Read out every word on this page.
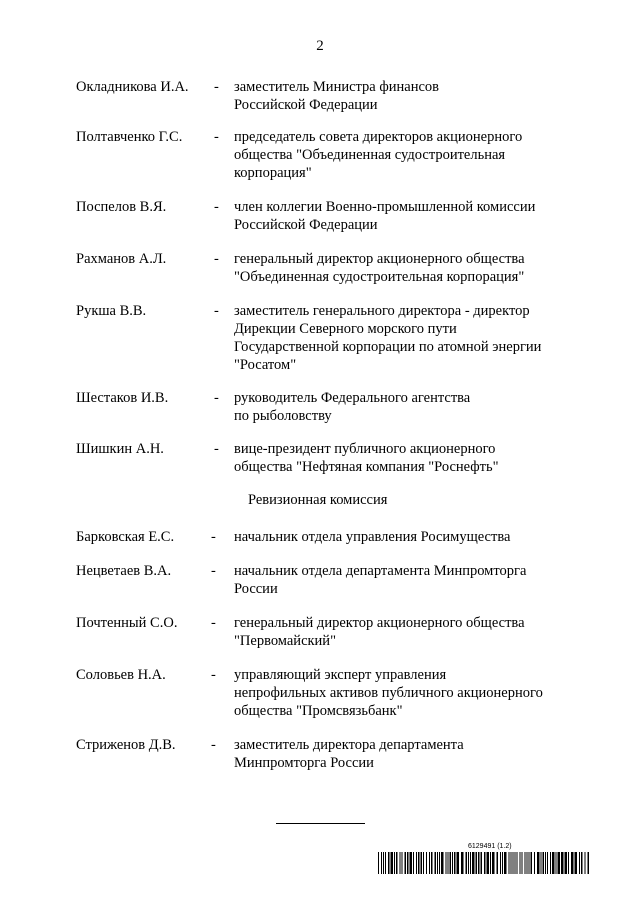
2
Окладникова И.А. - заместитель Министра финансов
Российской Федерации
Полтавченко Г.С. - председатель совета директоров акционерного
общества "Объединенная судостроительная
корпорация"
Поспелов В.Я.	- член коллегии Военно-промышленной комиссии
Российской Федерации
Рахманов А.Л.	- генеральный директор акционерного общества
"Объединенная судостроительная корпорация"
Рукша В.В.	- заместитель генерального директора - директор
Дирекции Северного морского пути
Государственной корпорации по атомной энергии
"Росатом"
Шестаков И.В.	- руководитель Федерального агентства
по рыболовству
Шишкин А.Н.	- вице-президент публичного акционерного
общества "Нефтяная компания "Роснефть"
Ревизионная комиссия
Барковская Е.С.	- начальник отдела управления Росимущества
Нецветаев В.А.	- начальник отдела департамента Минпромторга
России
Почтенный С.О. - генеральный директор акционерного общества
"Первомайский"
Соловьев Н.А.	- управляющий эксперт управления
непрофильных активов публичного акционерного
общества "Промсвязьбанк"
Стриженов Д.В. - заместитель директора департамента
Минпромторга России
6129491 (1.2)
